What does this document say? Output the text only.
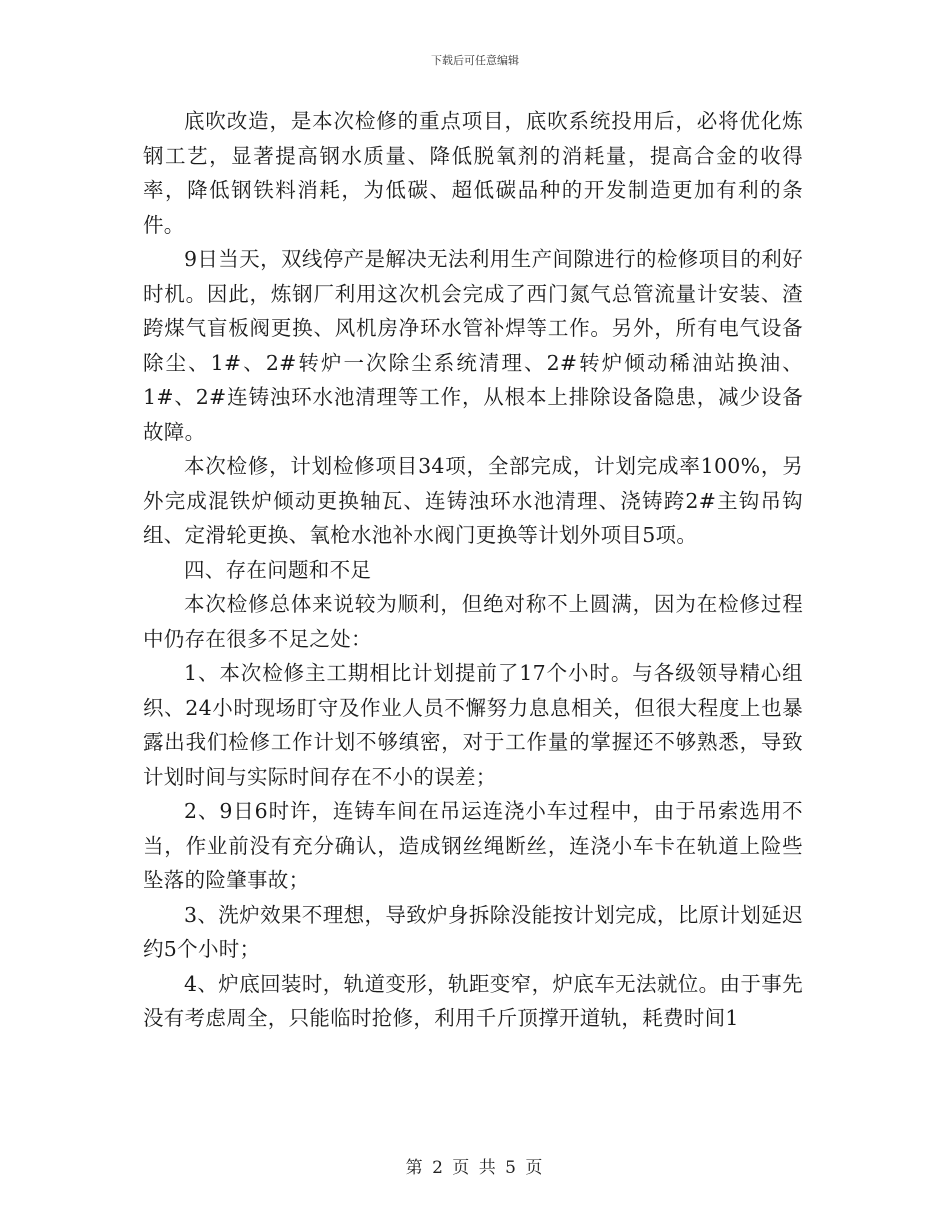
下载后可任意编辑

底吹改造，是本次检修的重点项目，底吹系统投用后，必将优化炼钢工艺，显著提高钢水质量、降低脱氧剂的消耗量，提高合金的收得率，降低钢铁料消耗，为低碳、超低碳品种的开发制造更加有利的条件。

9日当天，双线停产是解决无法利用生产间隙进行的检修项目的利好时机。因此，炼钢厂利用这次机会完成了西门氮气总管流量计安装、渣跨煤气盲板阀更换、风机房净环水管补焊等工作。另外，所有电气设备除尘、1#、2#转炉一次除尘系统清理、2#转炉倾动稀油站换油、1#、2#连铸浊环水池清理等工作，从根本上排除设备隐患，减少设备故障。

本次检修，计划检修项目34项，全部完成，计划完成率100%，另外完成混铁炉倾动更换轴瓦、连铸浊环水池清理、浇铸跨2#主钩吊钩组、定滑轮更换、氧枪水池补水阀门更换等计划外项目5项。

四、存在问题和不足

本次检修总体来说较为顺利，但绝对称不上圆满，因为在检修过程中仍存在很多不足之处：

1、本次检修主工期相比计划提前了17个小时。与各级领导精心组织、24小时现场盯守及作业人员不懈努力息息相关，但很大程度上也暴露出我们检修工作计划不够缜密，对于工作量的掌握还不够熟悉，导致计划时间与实际时间存在不小的误差；

2、9日6时许，连铸车间在吊运连浇小车过程中，由于吊索选用不当，作业前没有充分确认，造成钢丝绳断丝，连浇小车卡在轨道上险些坠落的险肇事故；

3、洗炉效果不理想，导致炉身拆除没能按计划完成，比原计划延迟约5个小时；

4、炉底回装时，轨道变形，轨距变窄，炉底车无法就位。由于事先没有考虑周全，只能临时抢修，利用千斤顶撑开道轨，耗费时间1

第 2 页 共 5 页
